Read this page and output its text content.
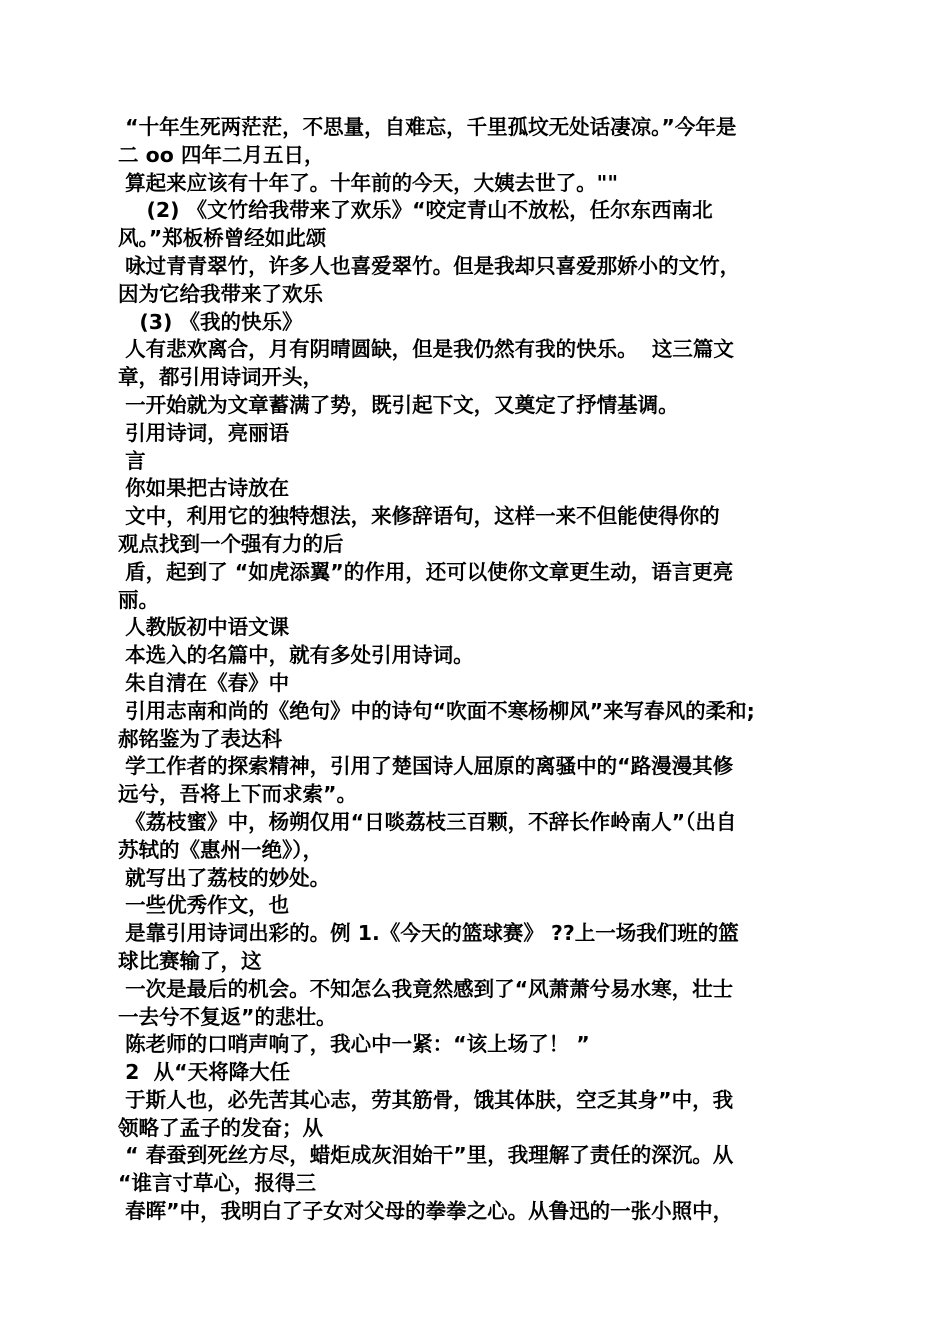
“十年生死两茫茫，不思量，自难忘，千里孤坟无处话凄凉。”今年是
二 oo 四年二月五日，
算起来应该有十年了。十年前的今天，大姨去世了。""
(2) 《文竹给我带来了欢乐》“咬定青山不放松，任尔东西南北
风。”郑板桥曾经如此颂
咏过青青翠竹，许多人也喜爱翠竹。但是我却只喜爱那娇小的文竹，
因为它给我带来了欢乐
(3) 《我的快乐》
人有悲欢离合，月有阴晴圆缺，但是我仍然有我的快乐。  这三篇文
章，都引用诗词开头，
一开始就为文章蓄满了势，既引起下文，又奠定了抒情基调。
引用诗词，亮丽语
言
你如果把古诗放在
文中，利用它的独特想法，来修辞语句，这样一来不但能使得你的
观点找到一个强有力的后
盾，起到了 “如虎添翼”的作用，还可以使你文章更生动，语言更亮
丽。
人教版初中语文课
本选入的名篇中，就有多处引用诗词。
朱自清在《春》中
引用志南和尚的《绝句》中的诗句“吹面不寒杨柳风”来写春风的柔和;
郝铭鉴为了表达科
学工作者的探索精神，引用了楚国诗人屈原的离骚中的“路漫漫其修
远兮，吾将上下而求索”。
《荔枝蜜》中，杨朔仅用“日啖荔枝三百颗，不辞长作岭南人”（出自
苏轼的《惠州一绝》），
就写出了荔枝的妙处。
一些优秀作文，也
是靠引用诗词出彩的。例 1.《今天的篮球赛》 ??上一场我们班的篮
球比赛输了，这
一次是最后的机会。不知怎么我竟然感到了“风萧萧兮易水寒，壮士
一去兮不复返”的悲壮。
陈老师的口哨声响了，我心中一紧：“该上场了！ ”
2  从“天将降大任
于斯人也，必先苦其心志，劳其筋骨，饿其体肤，空乏其身”中，我
领略了孟子的发奋；从
“ 春蚕到死丝方尽，蜡炬成灰泪始干”里，我理解了责任的深沉。从
“谁言寸草心，报得三
春晖”中，我明白了子女对父母的拳拳之心。从鲁迅的一张小照中，
